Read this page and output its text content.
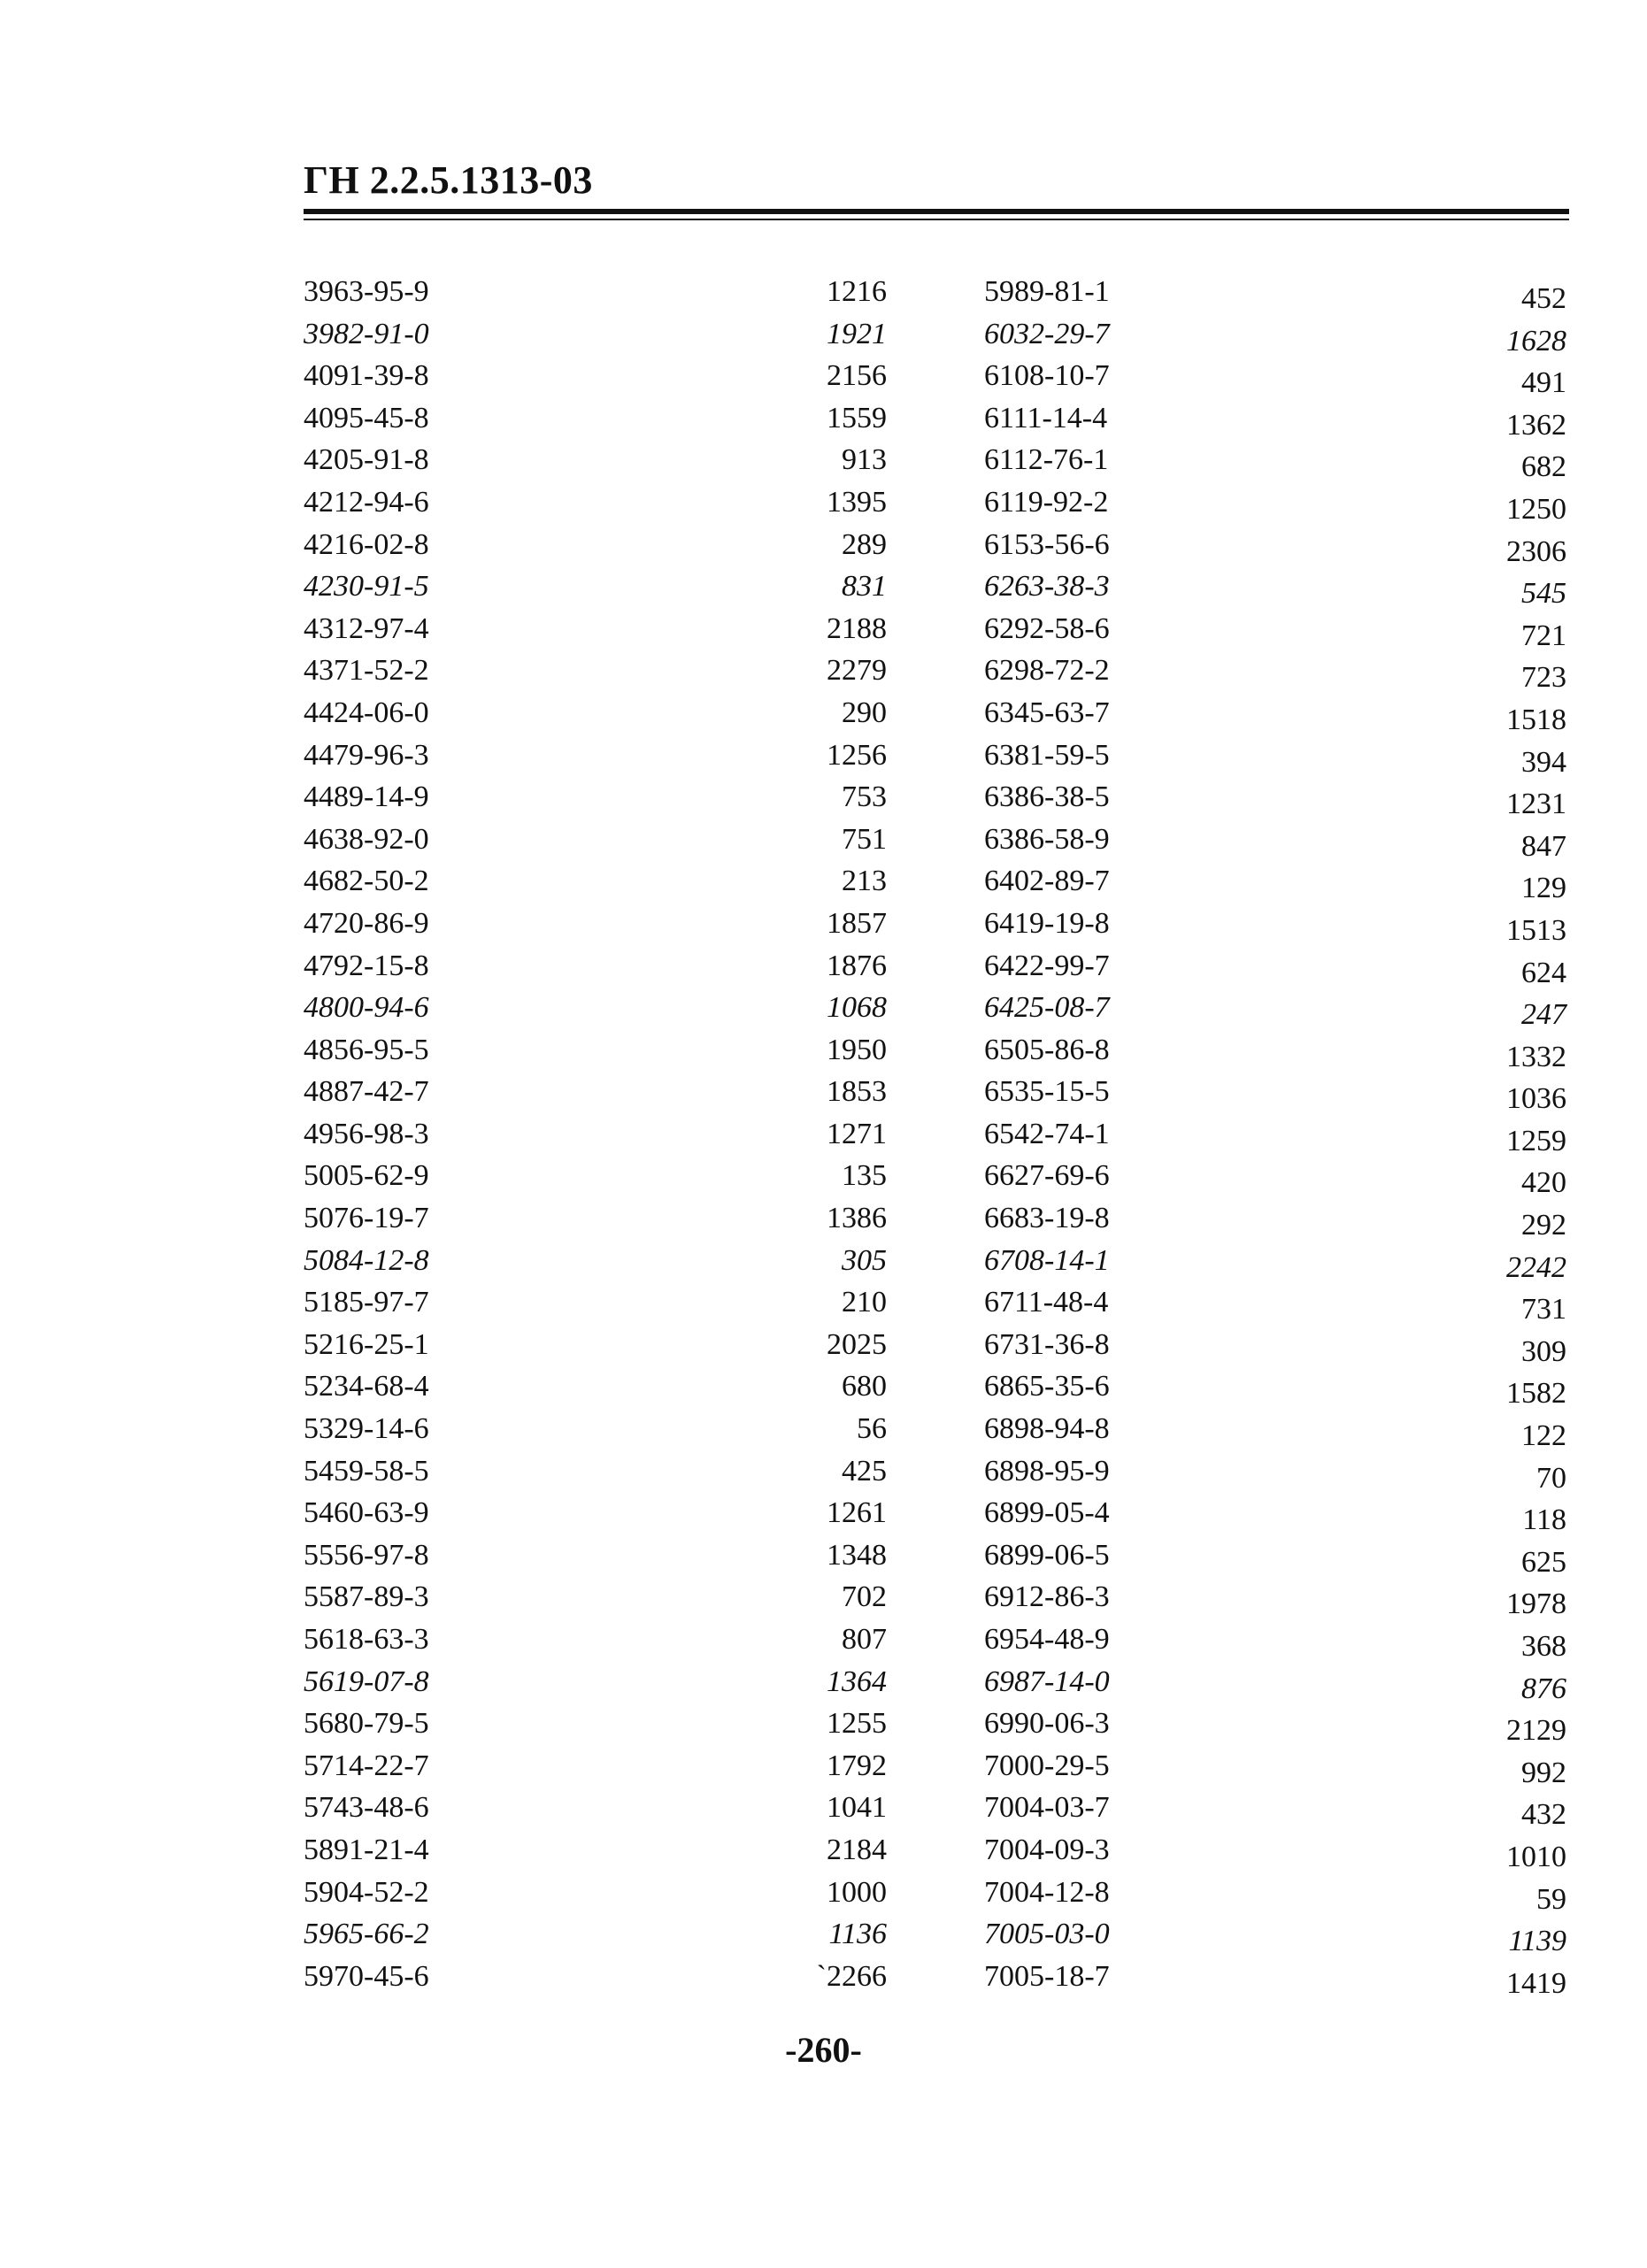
ГН 2.2.5.1313-03
3963-95-9
3982-91-0
4091-39-8
4095-45-8
4205-91-8
4212-94-6
4216-02-8
4230-91-5
4312-97-4
4371-52-2
4424-06-0
4479-96-3
4489-14-9
4638-92-0
4682-50-2
4720-86-9
4792-15-8
4800-94-6
4856-95-5
4887-42-7
4956-98-3
5005-62-9
5076-19-7
5084-12-8
5185-97-7
5216-25-1
5234-68-4
5329-14-6
5459-58-5
5460-63-9
5556-97-8
5587-89-3
5618-63-3
5619-07-8
5680-79-5
5714-22-7
5743-48-6
5891-21-4
5904-52-2
5965-66-2
5970-45-6
1216
1921
2156
1559
913
1395
289
831
2188
2279
290
1256
753
751
213
1857
1876
1068
1950
1853
1271
135
1386
305
210
2025
680
56
425
1261
1348
702
807
1364
1255
1792
1041
2184
1000
1136
`2266
5989-81-1
6032-29-7
6108-10-7
6111-14-4
6112-76-1
6119-92-2
6153-56-6
6263-38-3
6292-58-6
6298-72-2
6345-63-7
6381-59-5
6386-38-5
6386-58-9
6402-89-7
6419-19-8
6422-99-7
6425-08-7
6505-86-8
6535-15-5
6542-74-1
6627-69-6
6683-19-8
6708-14-1
6711-48-4
6731-36-8
6865-35-6
6898-94-8
6898-95-9
6899-05-4
6899-06-5
6912-86-3
6954-48-9
6987-14-0
6990-06-3
7000-29-5
7004-03-7
7004-09-3
7004-12-8
7005-03-0
7005-18-7
452
1628
491
1362
682
1250
2306
545
721
723
1518
394
1231
847
129
1513
624
247
1332
1036
1259
420
292
2242
731
309
1582
122
70
118
625
1978
368
876
2129
992
432
1010
59
1139
1419
-260-
